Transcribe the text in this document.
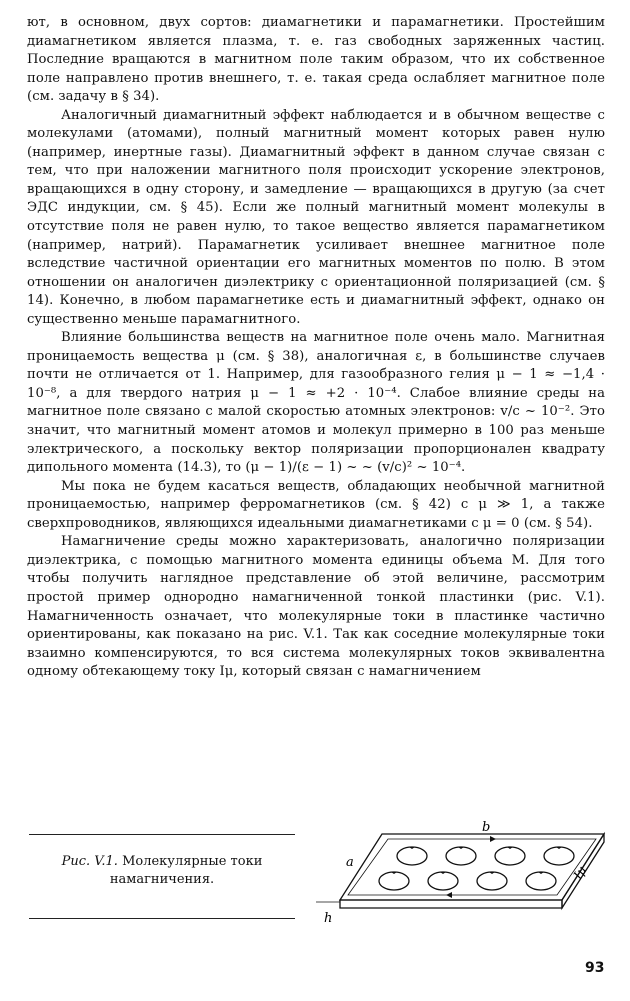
ют, в основном, двух сортов: диамагнетики и парамагнетики. Простейшим диамагнетиком является плазма, т. е. газ свободных заряженных частиц. Последние вращаются в магнитном поле таким образом, что их собственное поле направлено против внешнего, т. е. такая среда ослабляет магнитное поле (см. задачу в § 34).

Аналогичный диамагнитный эффект наблюдается и в обычном веществе с молекулами (атомами), полный магнитный момент которых равен нулю (например, инертные газы). Диамагнитный эффект в данном случае связан с тем, что при наложении магнитного поля происходит ускорение электронов, вращающихся в одну сторону, и замедление — вращающихся в другую (за счет ЭДС индукции, см. § 45). Если же полный магнитный момент молекулы в отсутствие поля не равен нулю, то такое вещество является парамагнетиком (например, натрий). Парамагнетик усиливает внешнее магнитное поле вследствие частичной ориентации его магнитных моментов по полю. В этом отношении он аналогичен диэлектрику с ориентационной поляризацией (см. § 14). Конечно, в любом парамагнетике есть и диамагнитный эффект, однако он существенно меньше парамагнитного.

Влияние большинства веществ на магнитное поле очень мало. Магнитная проницаемость вещества μ (см. § 38), аналогичная ε, в большинстве случаев почти не отличается от 1. Например, для газообразного гелия μ − 1 ≈ −1,4 · 10⁻⁸, а для твердого натрия μ − 1 ≈ +2 · 10⁻⁴. Слабое влияние среды на магнитное поле связано с малой скоростью атомных электронов: v/c ~ 10⁻². Это значит, что магнитный момент атомов и молекул примерно в 100 раз меньше электрического, а поскольку вектор поляризации пропорционален квадрату дипольного момента (14.3), то (μ − 1)/(ε − 1) ~ ~ (v/c)² ~ 10⁻⁴.

Мы пока не будем касаться веществ, обладающих необычной магнитной проницаемостью, например ферромагнетиков (см. § 42) с μ ≫ 1, а также сверхпроводников, являющихся идеальными диамагнетиками с μ = 0 (см. § 54).

Намагничение среды можно характеризовать, аналогично поляризации диэлектрика, с помощью магнитного момента единицы объема M. Для того чтобы получить наглядное представление об этой величине, рассмотрим простой пример однородно намагниченной тонкой пластинки (рис. V.1). Намагниченность означает, что молекулярные токи в пластинке частично ориентированы, как показано на рис. V.1. Так как соседние молекулярные токи взаимно компенсируются, то вся система молекулярных токов эквивалентна одному обтекающему току Iμ, который связан с намагничением

Рис. V.1. Молекулярные токи намагничения.
b
a
h
Iμ
93
